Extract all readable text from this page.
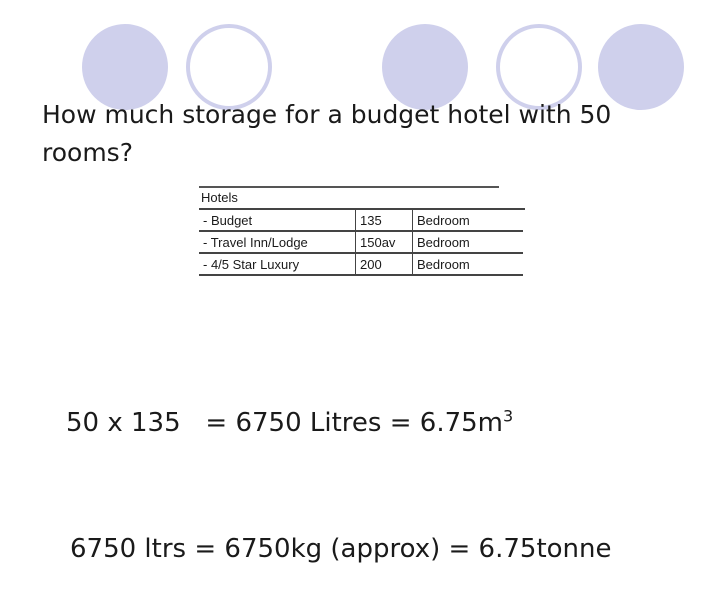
How much storage for a budget hotel with 50 rooms?
Hotels
- Budget	135	Bedroom
- Travel Inn/Lodge	150av	Bedroom
- 4/5 Star Luxury	200	Bedroom

50 x 135   = 6750 Litres = $6.75m^3$

6750 ltrs = 6750kg (approx) = 6.75tonne
